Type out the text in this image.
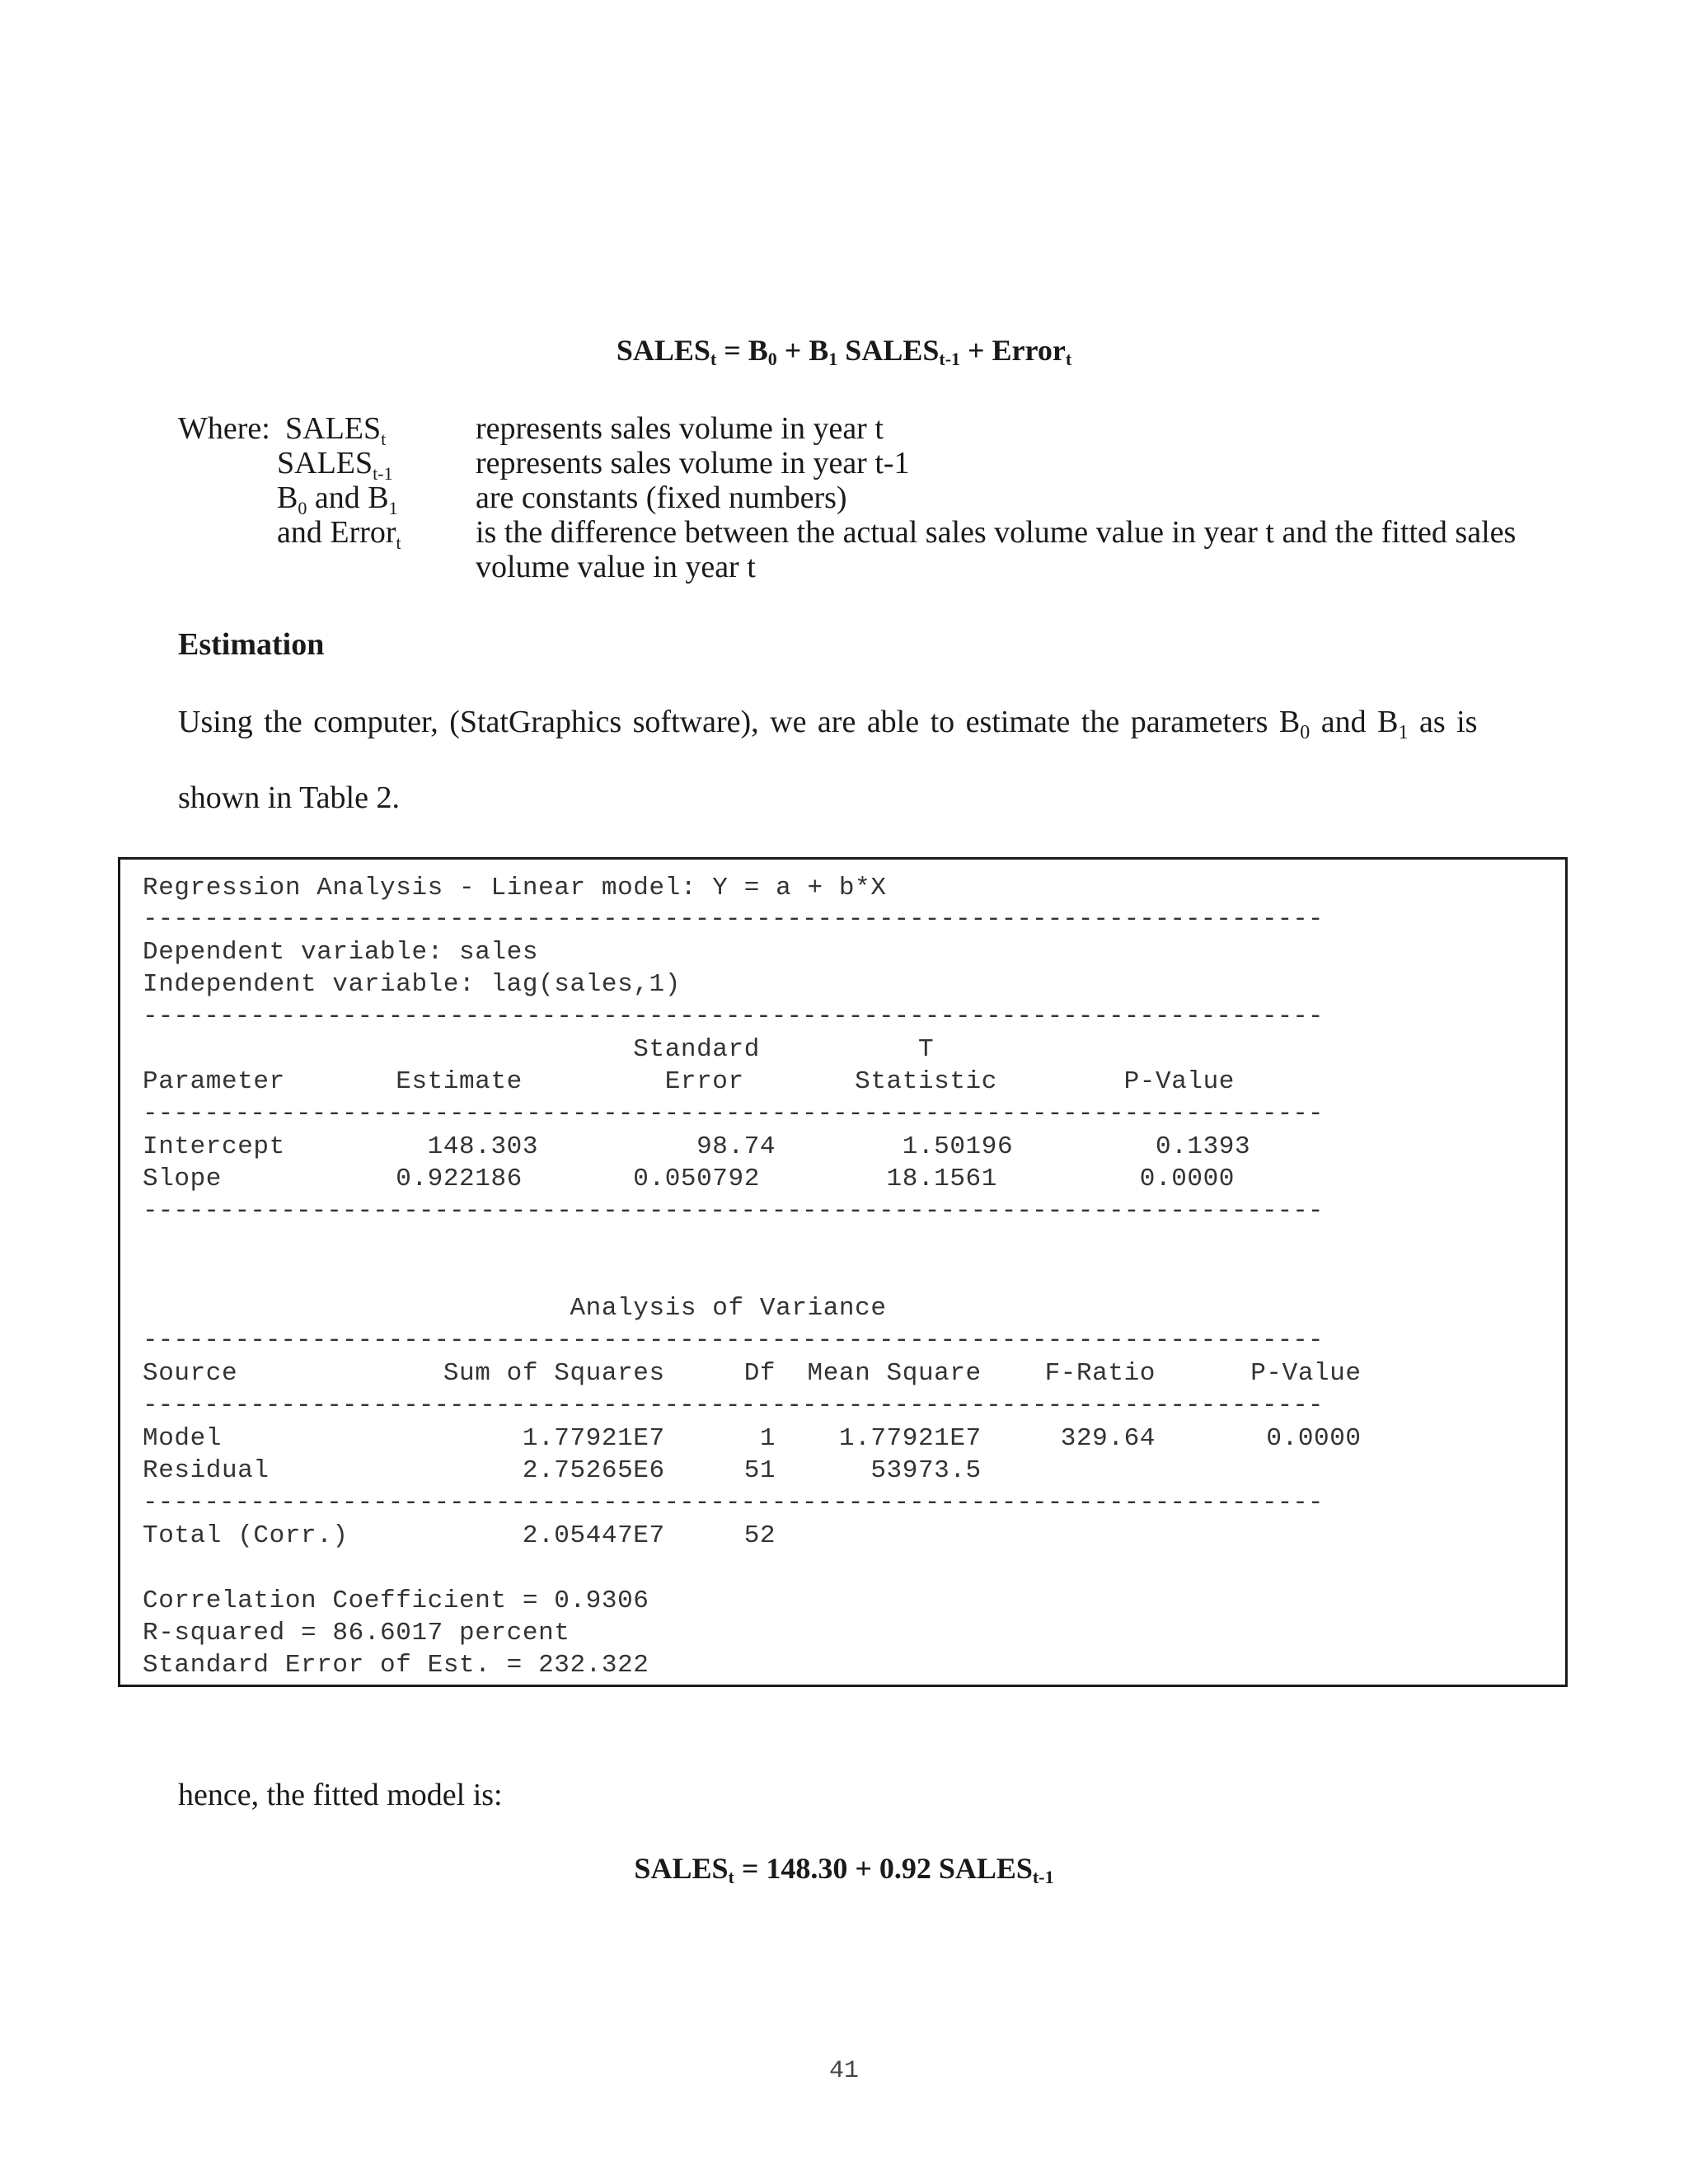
$SALES_t = B_0 + B_1$ $SALES_{t-1}$ + Error$_t$
Where: $SALES_t$	represents sales volume in year t
$SALES_{t-1}$	represents sales volume in year t-1
$B_0$ and $B_1$ are constants (fixed numbers)
and Error$_t$ is the difference between the actual sales volume value in year t and the fitted sales
volume value in year t
Estimation
Using the computer, (StatGraphics software), we are able to estimate the parameters $B_0$ and $B_1$ as is
shown in Table 2.
Regression Analysis - Linear model: Y = a + b*X
-----------------------------------------------------------------------------
Dependent variable: sales
Independent variable: lag(sales,1)
-----------------------------------------------------------------------------
Standard          T
Parameter       Estimate         Error       Statistic        P-Value
-----------------------------------------------------------------------------
Intercept         148.303          98.74        1.50196         0.1393
Slope           0.922186       0.050792        18.1561         0.0000
-----------------------------------------------------------------------------
Analysis of Variance
-----------------------------------------------------------------------------
Source             Sum of Squares     Df  Mean Square    F-Ratio      P-Value
-----------------------------------------------------------------------------
Model                   1.77921E7      1    1.77921E7     329.64       0.0000
Residual                2.75265E6     51      53973.5
-----------------------------------------------------------------------------
Total (Corr.)           2.05447E7     52
Correlation Coefficient = 0.9306
R-squared = 86.6017 percent
Standard Error of Est. = 232.322
hence, the fitted model is:
$SALES_t = 148.30 + 0.92$ $SALES_{t-1}$
41
